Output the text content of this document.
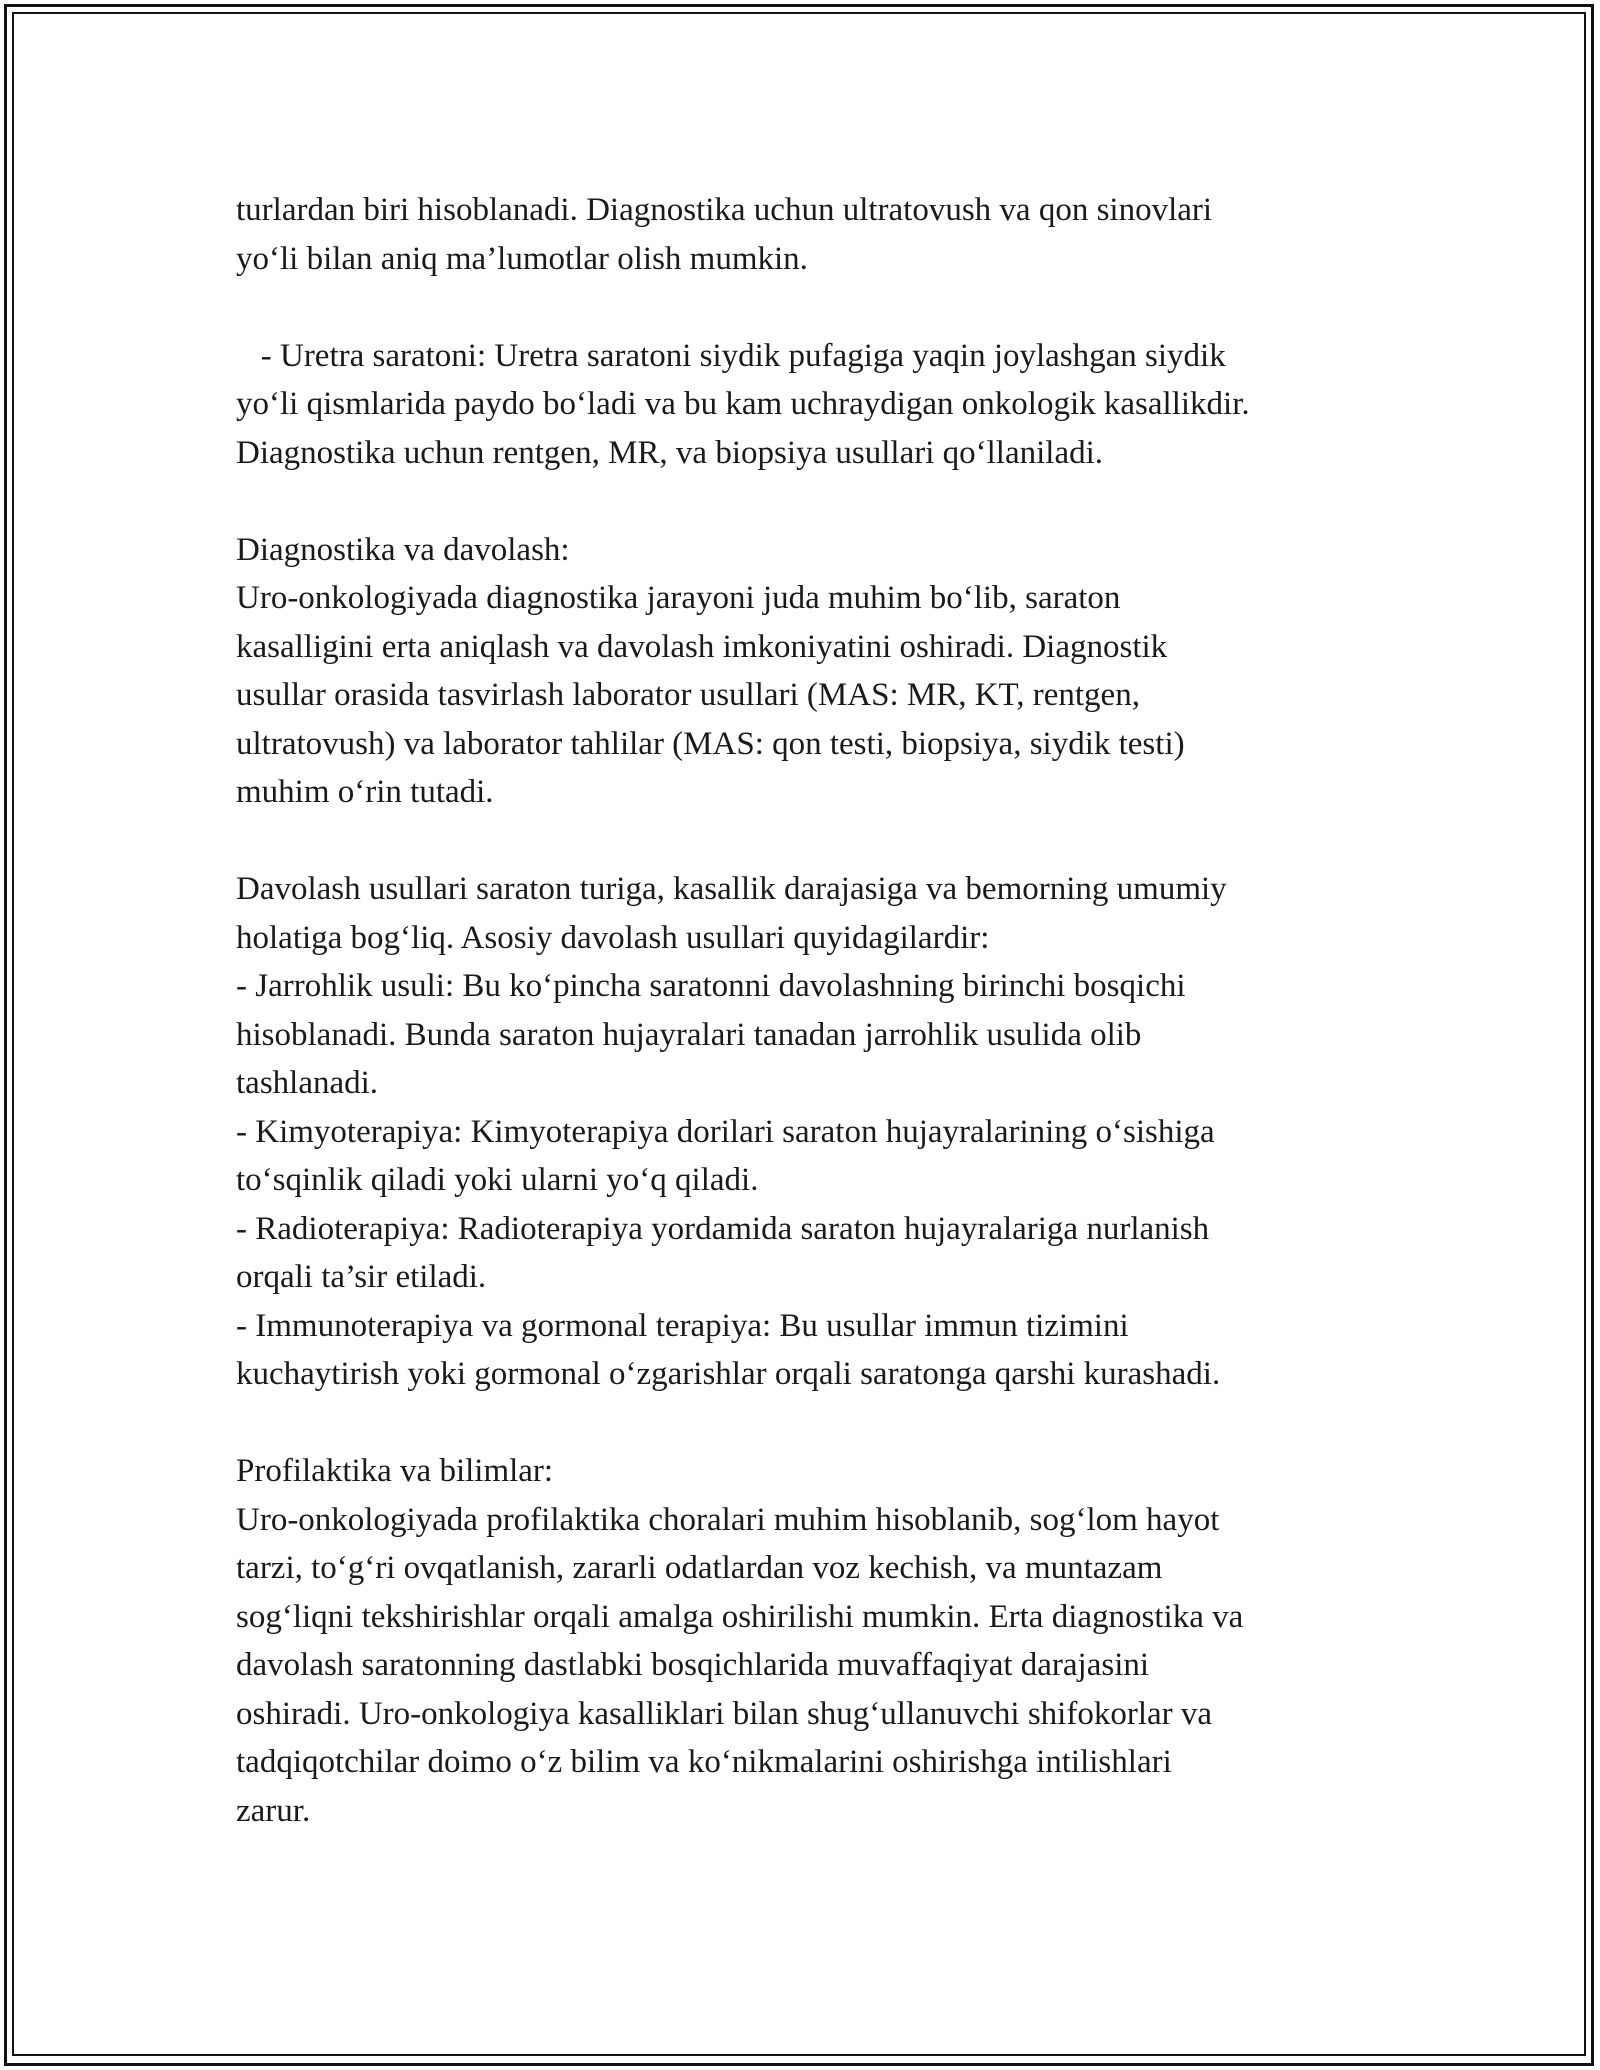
turlardan biri hisoblanadi. Diagnostika uchun ultratovush va qon sinovlari
yo‘li bilan aniq ma’lumotlar olish mumkin.
- Uretra saratoni: Uretra saratoni siydik pufagiga yaqin joylashgan siydik
yo‘li qismlarida paydo bo‘ladi va bu kam uchraydigan onkologik kasallikdir.
Diagnostika uchun rentgen, MR, va biopsiya usullari qo‘llaniladi.
Diagnostika va davolash:
Uro-onkologiyada diagnostika jarayoni juda muhim bo‘lib, saraton
kasalligini erta aniqlash va davolash imkoniyatini oshiradi. Diagnostik
usullar orasida tasvirlash laborator usullari (MAS: MR, KT, rentgen,
ultratovush) va laborator tahlilar (MAS: qon testi, biopsiya, siydik testi)
muhim o‘rin tutadi.
Davolash usullari saraton turiga, kasallik darajasiga va bemorning umumiy
holatiga bog‘liq. Asosiy davolash usullari quyidagilardir:
- Jarrohlik usuli: Bu ko‘pincha saratonni davolashning birinchi bosqichi
hisoblanadi. Bunda saraton hujayralari tanadan jarrohlik usulida olib
tashlanadi.
- Kimyoterapiya: Kimyoterapiya dorilari saraton hujayralarining o‘sishiga
to‘sqinlik qiladi yoki ularni yo‘q qiladi.
- Radioterapiya: Radioterapiya yordamida saraton hujayralariga nurlanish
orqali ta’sir etiladi.
- Immunoterapiya va gormonal terapiya: Bu usullar immun tizimini
kuchaytirish yoki gormonal o‘zgarishlar orqali saratonga qarshi kurashadi.
Profilaktika va bilimlar:
Uro-onkologiyada profilaktika choralari muhim hisoblanib, sog‘lom hayot
tarzi, to‘g‘ri ovqatlanish, zararli odatlardan voz kechish, va muntazam
sog‘liqni tekshirishlar orqali amalga oshirilishi mumkin. Erta diagnostika va
davolash saratonning dastlabki bosqichlarida muvaffaqiyat darajasini
oshiradi. Uro-onkologiya kasalliklari bilan shug‘ullanuvchi shifokorlar va
tadqiqotchilar doimo o‘z bilim va ko‘nikmalarini oshirishga intilishlari
zarur.
